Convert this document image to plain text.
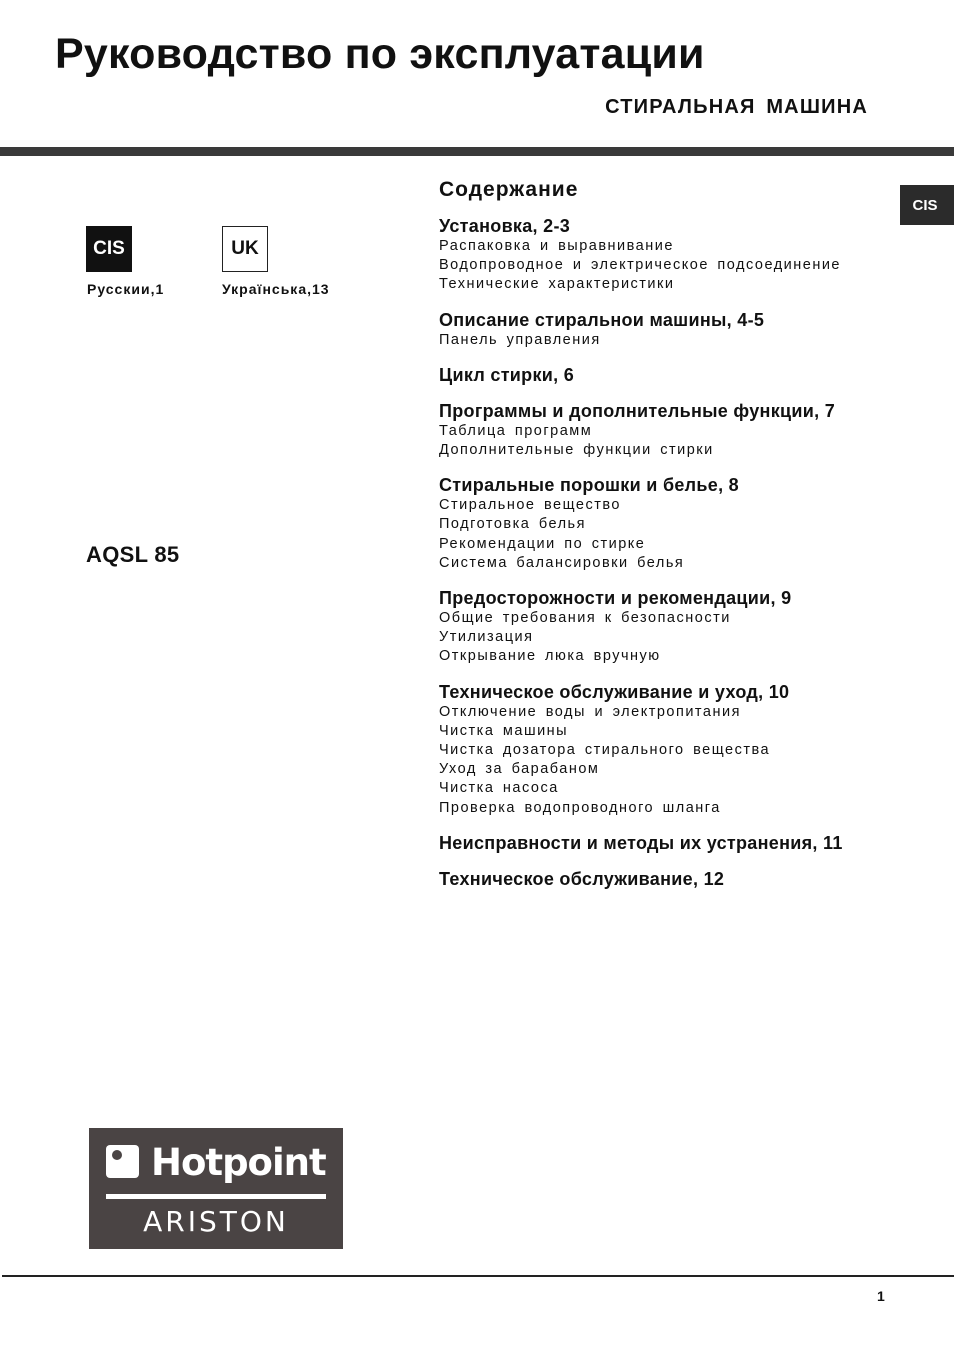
Руководство по эксплуатации
СТИРАЛЬНАЯ МАШИНА
CIS
CIS	UK
Русскии,1	Українська,13
AQSL 85
Содержание
Установка, 2-3
Распаковка и выравнивание
Водопроводное и электрическое подсоединение
Технические характеристики
Описание стиральнои машины, 4-5
Панель управления
Цикл стирки, 6
Программы и дополнительные функции, 7
Таблица программ
Дополнительные функции стирки
Стиральные порошки и белье, 8
Стиральное вещество
Подготовка белья
Рекомендации по стирке
Система балансировки белья
Предосторожности и рекомендации, 9
Общие требования к безопасности
Утилизация
Открывание люка вручную
Техническое обслуживание и уход, 10
Отключение воды и электропитания
Чистка машины
Чистка дозатора стирального вещества
Уход за барабаном
Чистка насоса
Проверка водопроводного шланга
Неисправности и методы их устранения, 11
Техническое обслуживание, 12
Hotpoint
ARISTON
1
